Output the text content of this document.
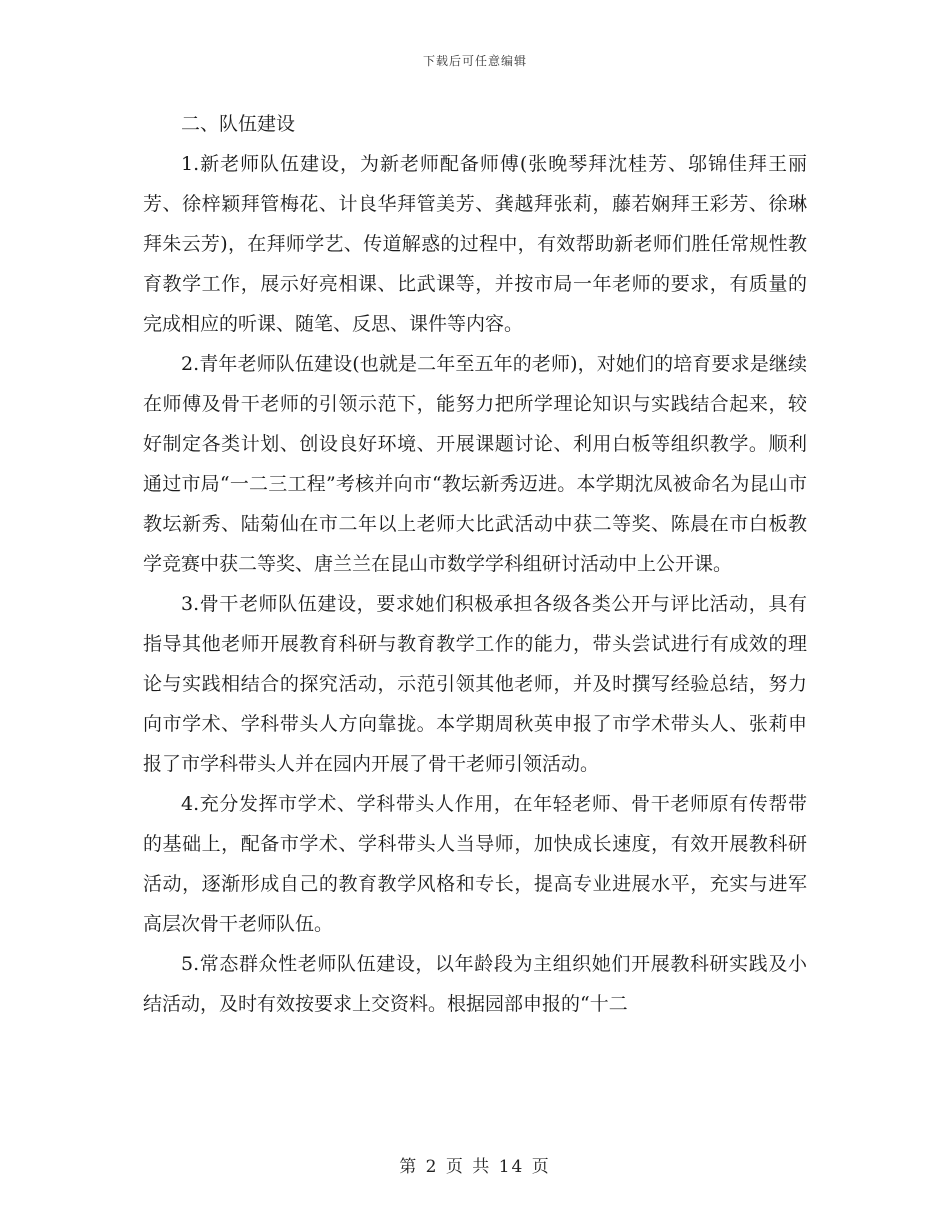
下载后可任意编辑

二、队伍建设

1.新老师队伍建设，为新老师配备师傅(张晚琴拜沈桂芳、邬锦佳拜王丽芳、徐梓颖拜管梅花、计良华拜管美芳、龚越拜张莉，藤若娴拜王彩芳、徐琳拜朱云芳)，在拜师学艺、传道解惑的过程中，有效帮助新老师们胜任常规性教育教学工作，展示好亮相课、比武课等，并按市局一年老师的要求，有质量的完成相应的听课、随笔、反思、课件等内容。

2.青年老师队伍建设(也就是二年至五年的老师)，对她们的培育要求是继续在师傅及骨干老师的引领示范下，能努力把所学理论知识与实践结合起来，较好制定各类计划、创设良好环境、开展课题讨论、利用白板等组织教学。顺利通过市局“一二三工程”考核并向市“教坛新秀迈进。本学期沈凤被命名为昆山市教坛新秀、陆菊仙在市二年以上老师大比武活动中获二等奖、陈晨在市白板教学竞赛中获二等奖、唐兰兰在昆山市数学学科组研讨活动中上公开课。

3.骨干老师队伍建设，要求她们积极承担各级各类公开与评比活动，具有指导其他老师开展教育科研与教育教学工作的能力，带头尝试进行有成效的理论与实践相结合的探究活动，示范引领其他老师，并及时撰写经验总结，努力向市学术、学科带头人方向靠拢。本学期周秋英申报了市学术带头人、张莉申报了市学科带头人并在园内开展了骨干老师引领活动。

4.充分发挥市学术、学科带头人作用，在年轻老师、骨干老师原有传帮带的基础上，配备市学术、学科带头人当导师，加快成长速度，有效开展教科研活动，逐渐形成自己的教育教学风格和专长，提高专业进展水平，充实与进军高层次骨干老师队伍。

5.常态群众性老师队伍建设，以年龄段为主组织她们开展教科研实践及小结活动，及时有效按要求上交资料。根据园部申报的“十二

第 2 页 共 14 页
